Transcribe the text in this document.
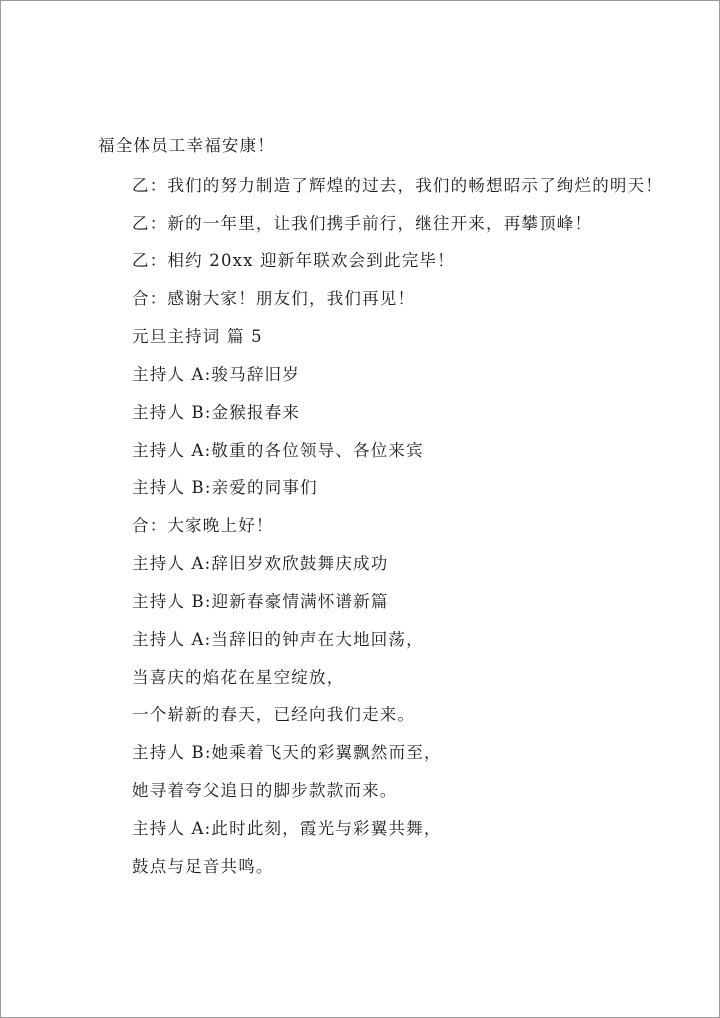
福全体员工幸福安康！
乙：我们的努力制造了辉煌的过去，我们的畅想昭示了绚烂的明天！
乙：新的一年里，让我们携手前行，继往开来，再攀顶峰！
乙：相约 20xx 迎新年联欢会到此完毕！
合：感谢大家！朋友们，我们再见！
元旦主持词 篇 5
主持人 A:骏马辞旧岁
主持人 B:金猴报春来
主持人 A:敬重的各位领导、各位来宾
主持人 B:亲爱的同事们
合：大家晚上好！
主持人 A:辞旧岁欢欣鼓舞庆成功
主持人 B:迎新春豪情满怀谱新篇
主持人 A:当辞旧的钟声在大地回荡，
当喜庆的焰花在星空绽放，
一个崭新的春天，已经向我们走来。
主持人 B:她乘着飞天的彩翼飘然而至，
她寻着夸父追日的脚步款款而来。
主持人 A:此时此刻，霞光与彩翼共舞，
鼓点与足音共鸣。
